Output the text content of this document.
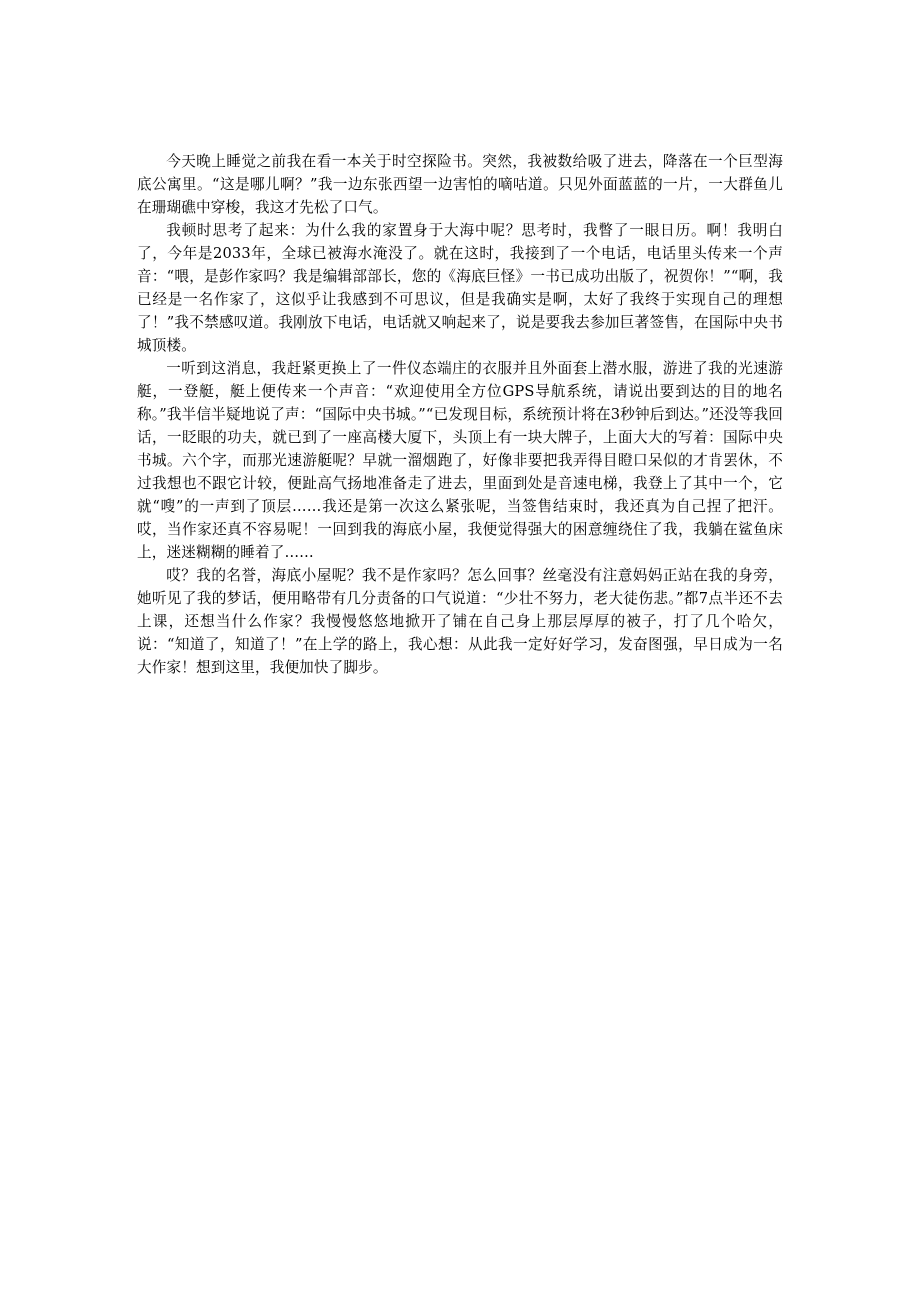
今天晚上睡觉之前我在看一本关于时空探险书。突然，我被数给吸了进去，降落在一个巨型海底公寓里。“这是哪儿啊？”我一边东张西望一边害怕的嘀咕道。只见外面蓝蓝的一片，一大群鱼儿在珊瑚礁中穿梭，我这才先松了口气。

我顿时思考了起来：为什么我的家置身于大海中呢？思考时，我瞥了一眼日历。啊！我明白了，今年是2033年，全球已被海水淹没了。就在这时，我接到了一个电话，电话里头传来一个声音：“喂，是彭作家吗？我是编辑部部长，您的《海底巨怪》一书已成功出版了，祝贺你！”“啊，我已经是一名作家了，这似乎让我感到不可思议，但是我确实是啊，太好了我终于实现自己的理想了！”我不禁感叹道。我刚放下电话，电话就又响起来了，说是要我去参加巨著签售，在国际中央书城顶楼。

一听到这消息，我赶紧更换上了一件仪态端庄的衣服并且外面套上潜水服，游进了我的光速游艇，一登艇，艇上便传来一个声音：“欢迎使用全方位GPS导航系统，请说出要到达的目的地名称。”我半信半疑地说了声：“国际中央书城。”“已发现目标，系统预计将在3秒钟后到达。”还没等我回话，一眨眼的功夫，就已到了一座高楼大厦下，头顶上有一块大牌子，上面大大的写着：国际中央书城。六个字，而那光速游艇呢？早就一溜烟跑了，好像非要把我弄得目瞪口呆似的才肯罢休，不过我想也不跟它计较，便趾高气扬地准备走了进去，里面到处是音速电梯，我登上了其中一个，它就“嗖”的一声到了顶层……我还是第一次这么紧张呢，当签售结束时，我还真为自己捏了把汗。哎，当作家还真不容易呢！一回到我的海底小屋，我便觉得强大的困意缠绕住了我，我躺在鲨鱼床上，迷迷糊糊的睡着了……

哎？我的名誉，海底小屋呢？我不是作家吗？怎么回事？丝毫没有注意妈妈正站在我的身旁，她听见了我的梦话，便用略带有几分责备的口气说道：“少壮不努力，老大徒伤悲。”都7点半还不去上课，还想当什么作家？我慢慢悠悠地掀开了铺在自己身上那层厚厚的被子，打了几个哈欠，说：“知道了，知道了！”在上学的路上，我心想：从此我一定好好学习，发奋图强，早日成为一名大作家！想到这里，我便加快了脚步。
